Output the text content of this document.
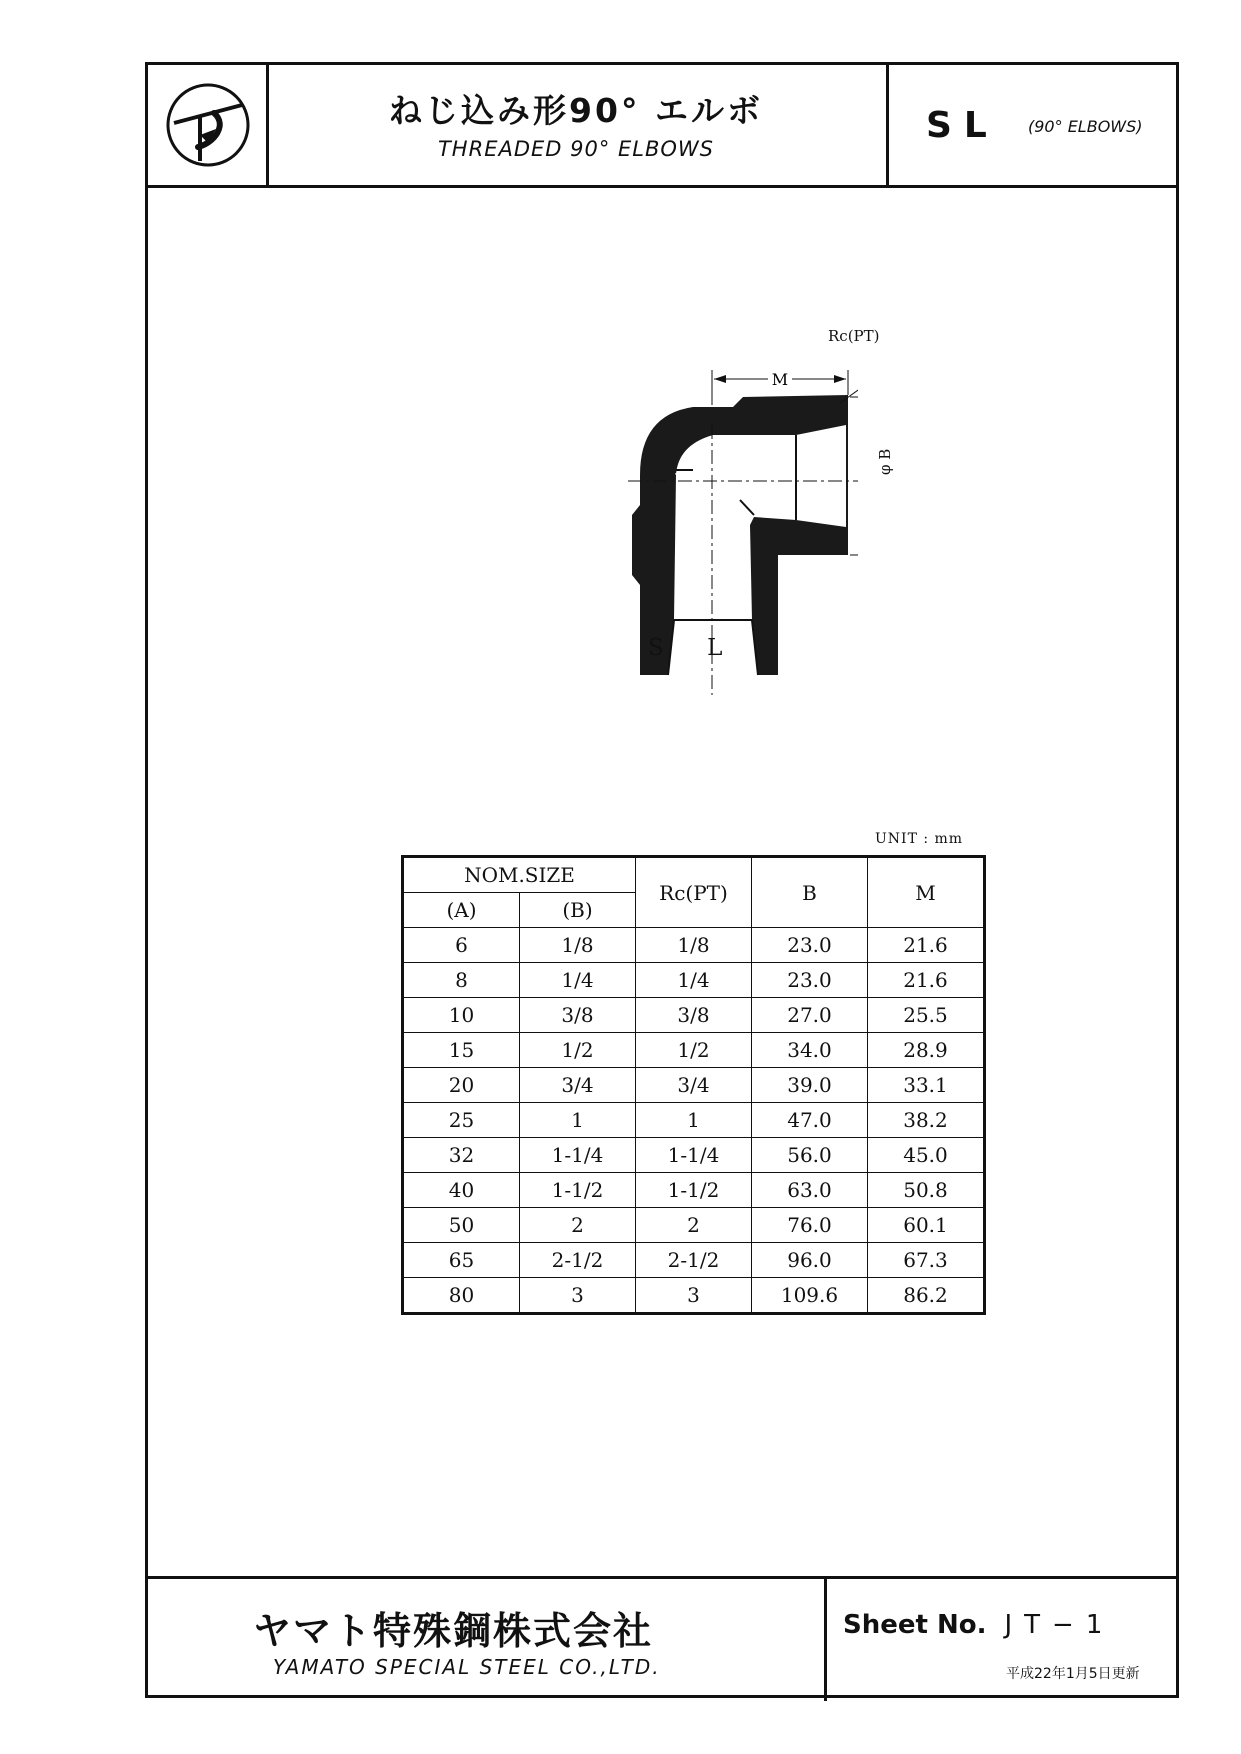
ねじ込み形90° エルボ
THREADED 90° ELBOWS
SL (90° ELBOWS)
M
Rc(PT)
φ B
S L
UNIT : mm
NOM.SIZE		Rc(PT)	B	M
(A)	(B)			
6	1/8	1/8	23.0	21.6
8	1/4	1/4	23.0	21.6
10	3/8	3/8	27.0	25.5
15	1/2	1/2	34.0	28.9
20	3/4	3/4	39.0	33.1
25	1	1	47.0	38.2
32	1-1/4	1-1/4	56.0	45.0
40	1-1/2	1-1/2	63.0	50.8
50	2	2	76.0	60.1
65	2-1/2	2-1/2	96.0	67.3
80	3	3	109.6	86.2
ヤマト特殊鋼株式会社
YAMATO SPECIAL STEEL CO.,LTD.
Sheet No. JT−1
平成22年1月5日更新
